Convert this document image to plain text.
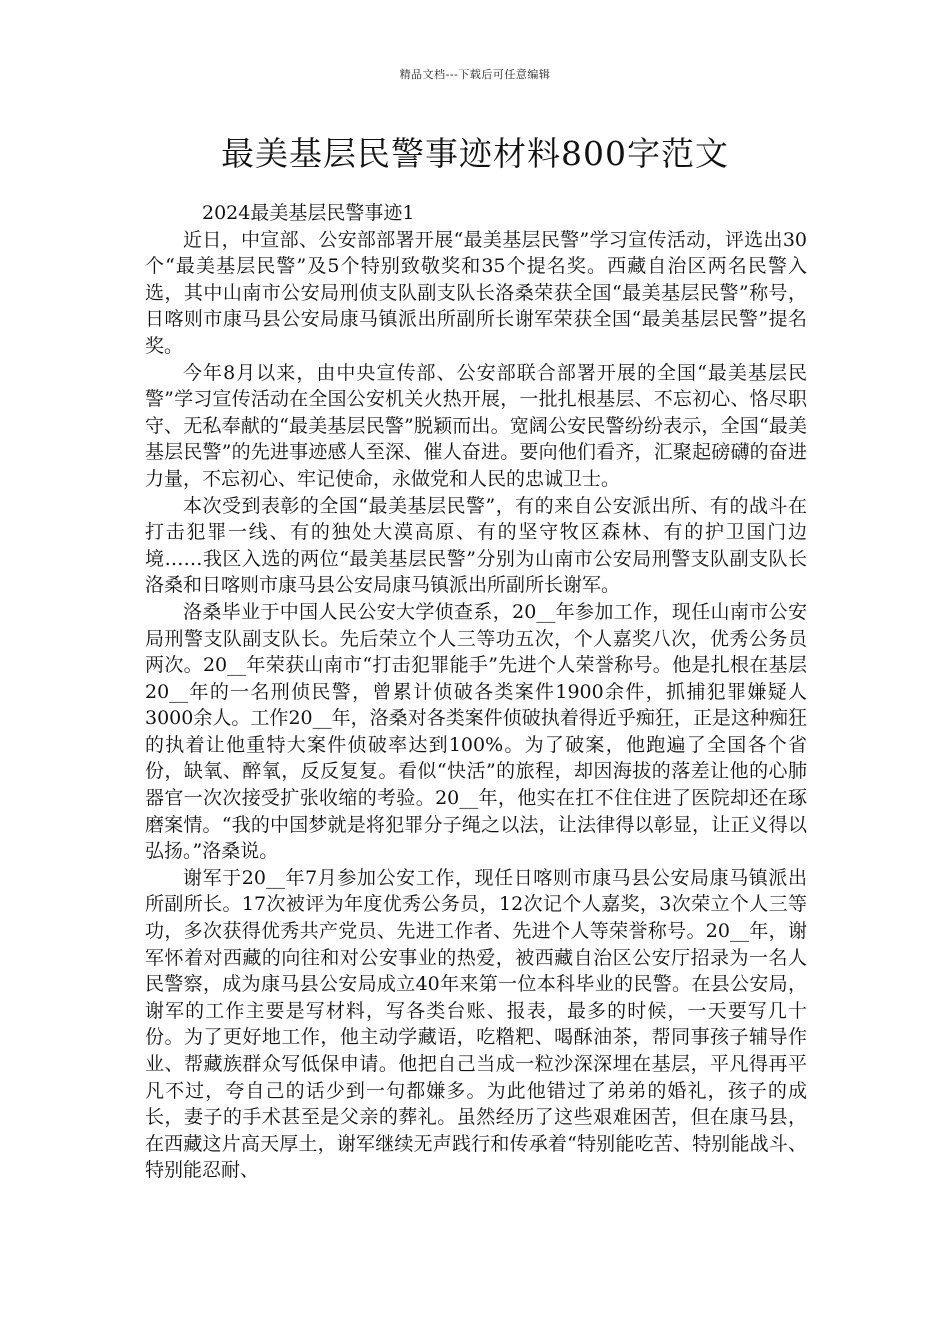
精品文档---下载后可任意编辑
最美基层民警事迹材料800字范文

2024最美基层民警事迹1

近日，中宣部、公安部部署开展“最美基层民警”学习宣传活动，评选出30个“最美基层民警”及5个特别致敬奖和35个提名奖。西藏自治区两名民警入选，其中山南市公安局刑侦支队副支队长洛桑荣获全国“最美基层民警”称号，日喀则市康马县公安局康马镇派出所副所长谢军荣获全国“最美基层民警”提名奖。

今年8月以来，由中央宣传部、公安部联合部署开展的全国“最美基层民警”学习宣传活动在全国公安机关火热开展，一批扎根基层、不忘初心、恪尽职守、无私奉献的“最美基层民警”脱颖而出。宽阔公安民警纷纷表示，全国“最美基层民警”的先进事迹感人至深、催人奋进。要向他们看齐，汇聚起磅礴的奋进力量，不忘初心、牢记使命，永做党和人民的忠诚卫士。

本次受到表彰的全国“最美基层民警”，有的来自公安派出所、有的战斗在打击犯罪一线、有的独处大漠高原、有的坚守牧区森林、有的护卫国门边境……我区入选的两位“最美基层民警”分别为山南市公安局刑警支队副支队长洛桑和日喀则市康马县公安局康马镇派出所副所长谢军。

洛桑毕业于中国人民公安大学侦查系，20__年参加工作，现任山南市公安局刑警支队副支队长。先后荣立个人三等功五次，个人嘉奖八次，优秀公务员两次。20__年荣获山南市“打击犯罪能手”先进个人荣誉称号。他是扎根在基层20__年的一名刑侦民警，曾累计侦破各类案件1900余件，抓捕犯罪嫌疑人3000余人。工作20__年，洛桑对各类案件侦破执着得近乎痴狂，正是这种痴狂的执着让他重特大案件侦破率达到100%。为了破案，他跑遍了全国各个省份，缺氧、醉氧，反反复复。看似“快活”的旅程，却因海拔的落差让他的心肺器官一次次接受扩张收缩的考验。20__年，他实在扛不住住进了医院却还在琢磨案情。“我的中国梦就是将犯罪分子绳之以法，让法律得以彰显，让正义得以弘扬。”洛桑说。

谢军于20__年7月参加公安工作，现任日喀则市康马县公安局康马镇派出所副所长。17次被评为年度优秀公务员，12次记个人嘉奖，3次荣立个人三等功，多次获得优秀共产党员、先进工作者、先进个人等荣誉称号。20__年，谢军怀着对西藏的向往和对公安事业的热爱，被西藏自治区公安厅招录为一名人民警察，成为康马县公安局成立40年来第一位本科毕业的民警。在县公安局，谢军的工作主要是写材料，写各类台账、报表，最多的时候，一天要写几十份。为了更好地工作，他主动学藏语，吃糌粑、喝酥油茶，帮同事孩子辅导作业、帮藏族群众写低保申请。他把自己当成一粒沙深深埋在基层，平凡得再平凡不过，夸自己的话少到一句都嫌多。为此他错过了弟弟的婚礼，孩子的成长，妻子的手术甚至是父亲的葬礼。虽然经历了这些艰难困苦，但在康马县，在西藏这片高天厚土，谢军继续无声践行和传承着“特别能吃苦、特别能战斗、特别能忍耐、
